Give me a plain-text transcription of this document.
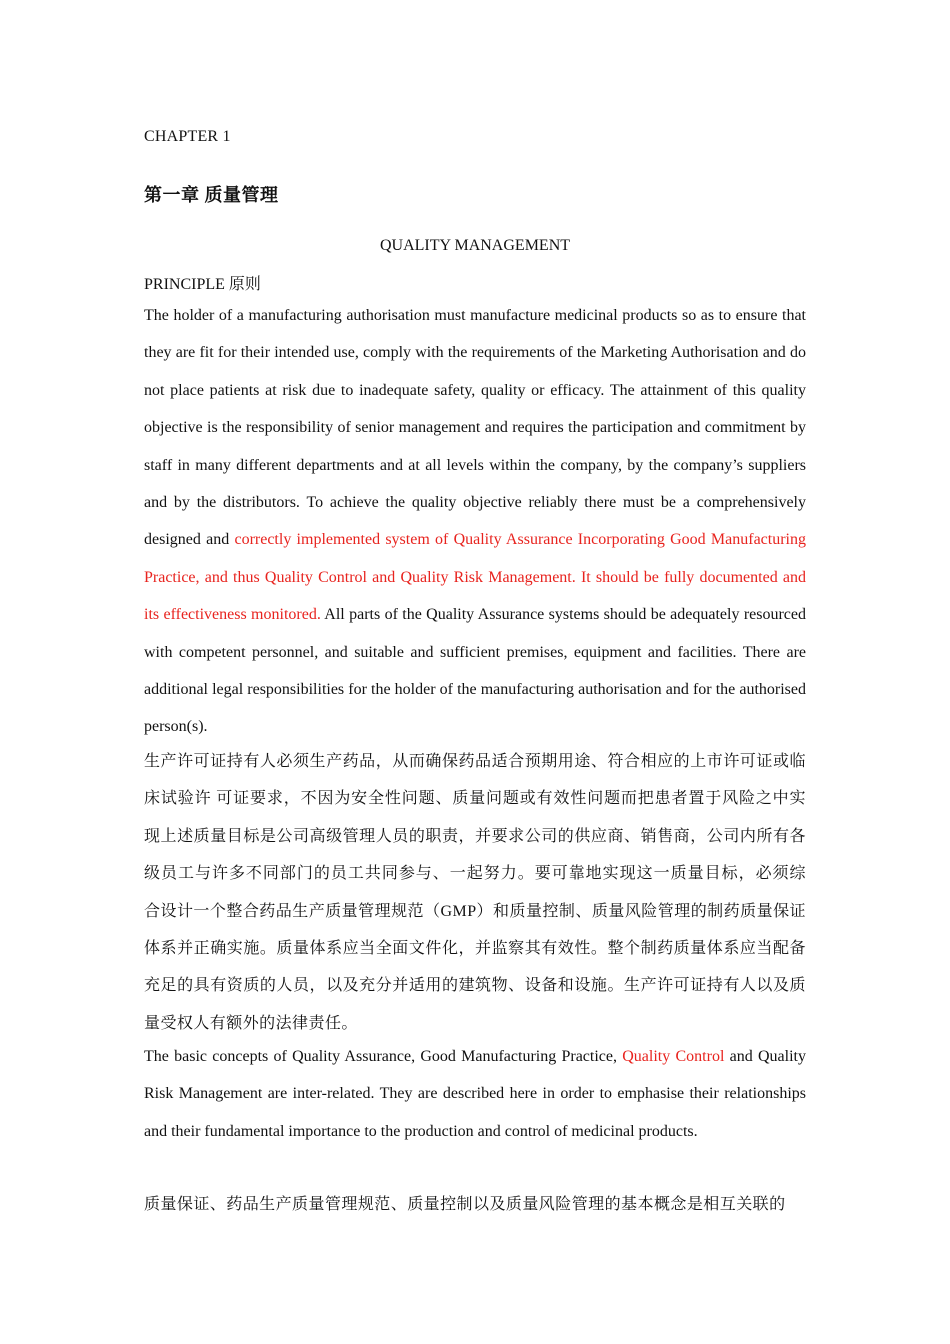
CHAPTER 1
第一章 质量管理
QUALITY MANAGEMENT
PRINCIPLE 原则
The holder of a manufacturing authorisation must manufacture medicinal products so as to ensure that they are fit for their intended use, comply with the requirements of the Marketing Authorisation and do not place patients at risk due to inadequate safety, quality or efficacy. The attainment of this quality objective is the responsibility of senior management and requires the participation and commitment by staff in many different departments and at all levels within the company, by the company’s suppliers and by the distributors. To achieve the quality objective reliably there must be a comprehensively designed and correctly implemented system of Quality Assurance Incorporating Good Manufacturing Practice, and thus Quality Control and Quality Risk Management. It should be fully documented and its effectiveness monitored. All parts of the Quality Assurance systems should be adequately resourced with competent personnel, and suitable and sufficient premises, equipment and facilities. There are additional legal responsibilities for the holder of the manufacturing authorisation and for the authorised person(s).
生产许可证持有人必须生产药品，从而确保药品适合预期用途、符合相应的上市许可证或临床试验许 可证要求，不因为安全性问题、质量问题或有效性问题而把患者置于风险之中实现上述质量目标是公司高级管理人员的职责，并要求公司的供应商、销售商，公司内所有各级员工与许多不同部门的员工共同参与、一起努力。要可靠地实现这一质量目标，必须综 合设计一个整合药品生产质量管理规范（GMP）和质量控制、质量风险管理的制药质量保证体系并正确实施。质量体系应当全面文件化，并监察其有效性。整个制药质量体系应当配备充足的具有资质的人员，以及充分并适用的建筑物、设备和设施。生产许可证持有人以及质量受权人有额外的法律责任。
The basic concepts of Quality Assurance, Good Manufacturing Practice, Quality Control and Quality Risk Management are inter-related. They are described here in order to emphasise their relationships and their fundamental importance to the production and control of medicinal products.
质量保证、药品生产质量管理规范、质量控制以及质量风险管理的基本概念是相互关联的
